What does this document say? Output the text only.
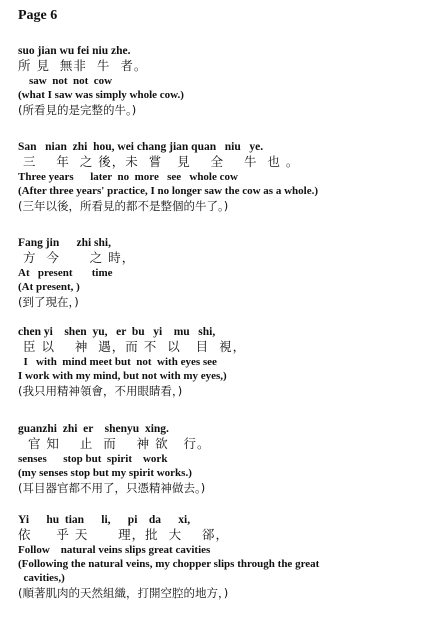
Page 6
suo jian wu fei niu zhe.
所 見  無非  牛  者。
saw  not  not  cow
(what I saw was simply whole cow.)
(所看見的是完整的牛。)
San   nian  zhi  hou, wei chang jian quan   niu   ye.
三    年  之 後，未  嘗   見    全    牛  也 。
Three years      later  no  more   see   whole cow
(After three years' practice, I no longer saw the cow as a whole.)
(三年以後，所看見的都不是整個的牛了。)
Fang jin      zhi shi,
方  今      之 時，
At   present       time
(At present, )
(到了現在，)
chen yi    shen  yu,   er  bu   yi    mu   shi,
臣 以    神  遇，而 不  以   目  視，
I   with  mind meet but  not  with eyes see
I work with my mind, but not with my eyes,)
(我只用精神領會，不用眼睛看，)
guanzhi  zhi  er    shenyu  xing.
官 知    止  而    神 欲   行。
senses      stop but  spirit    work
(my senses stop but my spirit works.)
(耳目器官都不用了，只憑精神做去。)
Yi      hu  tian      li,      pi    da      xi,
依     乎 天      理，批  大    郤，
Follow    natural veins slips great cavities
(Following the natural veins, my chopper slips through the great
cavities,)
(順著肌肉的天然組織，打開空腔的地方，)
